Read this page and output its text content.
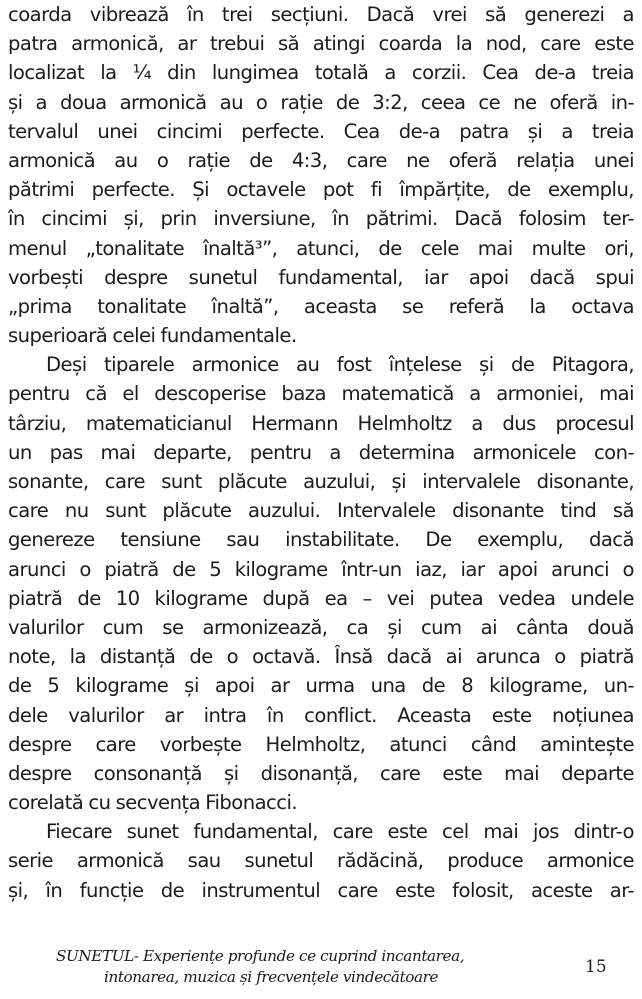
coarda vibrează în trei secțiuni. Dacă vrei să generezi a
patra armonică, ar trebui să atingi coarda la nod, care este
localizat la ¼ din lungimea totală a corzii. Cea de-a treia
și a doua armonică au o rație de 3:2, ceea ce ne oferă in-
tervalul unei cincimi perfecte. Cea de-a patra și a treia
armonică au o rație de 4:3, care ne oferă relația unei
pătrimi perfecte. Și octavele pot fi împărțite, de exemplu,
în cincimi și, prin inversiune, în pătrimi. Dacă folosim ter-
menul „tonalitate înaltă³”, atunci, de cele mai multe ori,
vorbești despre sunetul fundamental, iar apoi dacă spui
„prima tonalitate înaltă”, aceasta se referă la octava
superioară celei fundamentale.
Deși tiparele armonice au fost înțelese și de Pitagora,
pentru că el descoperise baza matematică a armoniei, mai
târziu, matematicianul Hermann Helmholtz a dus procesul
un pas mai departe, pentru a determina armonicele con-
sonante, care sunt plăcute auzului, și intervalele disonante,
care nu sunt plăcute auzului. Intervalele disonante tind să
genereze tensiune sau instabilitate. De exemplu, dacă
arunci o piatră de 5 kilograme într-un iaz, iar apoi arunci o
piatră de 10 kilograme după ea – vei putea vedea undele
valurilor cum se armonizează, ca și cum ai cânta două
note, la distanță de o octavă. Însă dacă ai arunca o piatră
de 5 kilograme și apoi ar urma una de 8 kilograme, un-
dele valurilor ar intra în conflict. Aceasta este noțiunea
despre care vorbește Helmholtz, atunci când amintește
despre consonanță și disonanță, care este mai departe
corelată cu secvența Fibonacci.
Fiecare sunet fundamental, care este cel mai jos dintr-o
serie armonică sau sunetul rădăcină, produce armonice
și, în funcție de instrumentul care este folosit, aceste ar-
SUNETUL- Experiențe profunde ce cuprind incantarea,
intonarea, muzica și frecvențele vindecătoare	15
